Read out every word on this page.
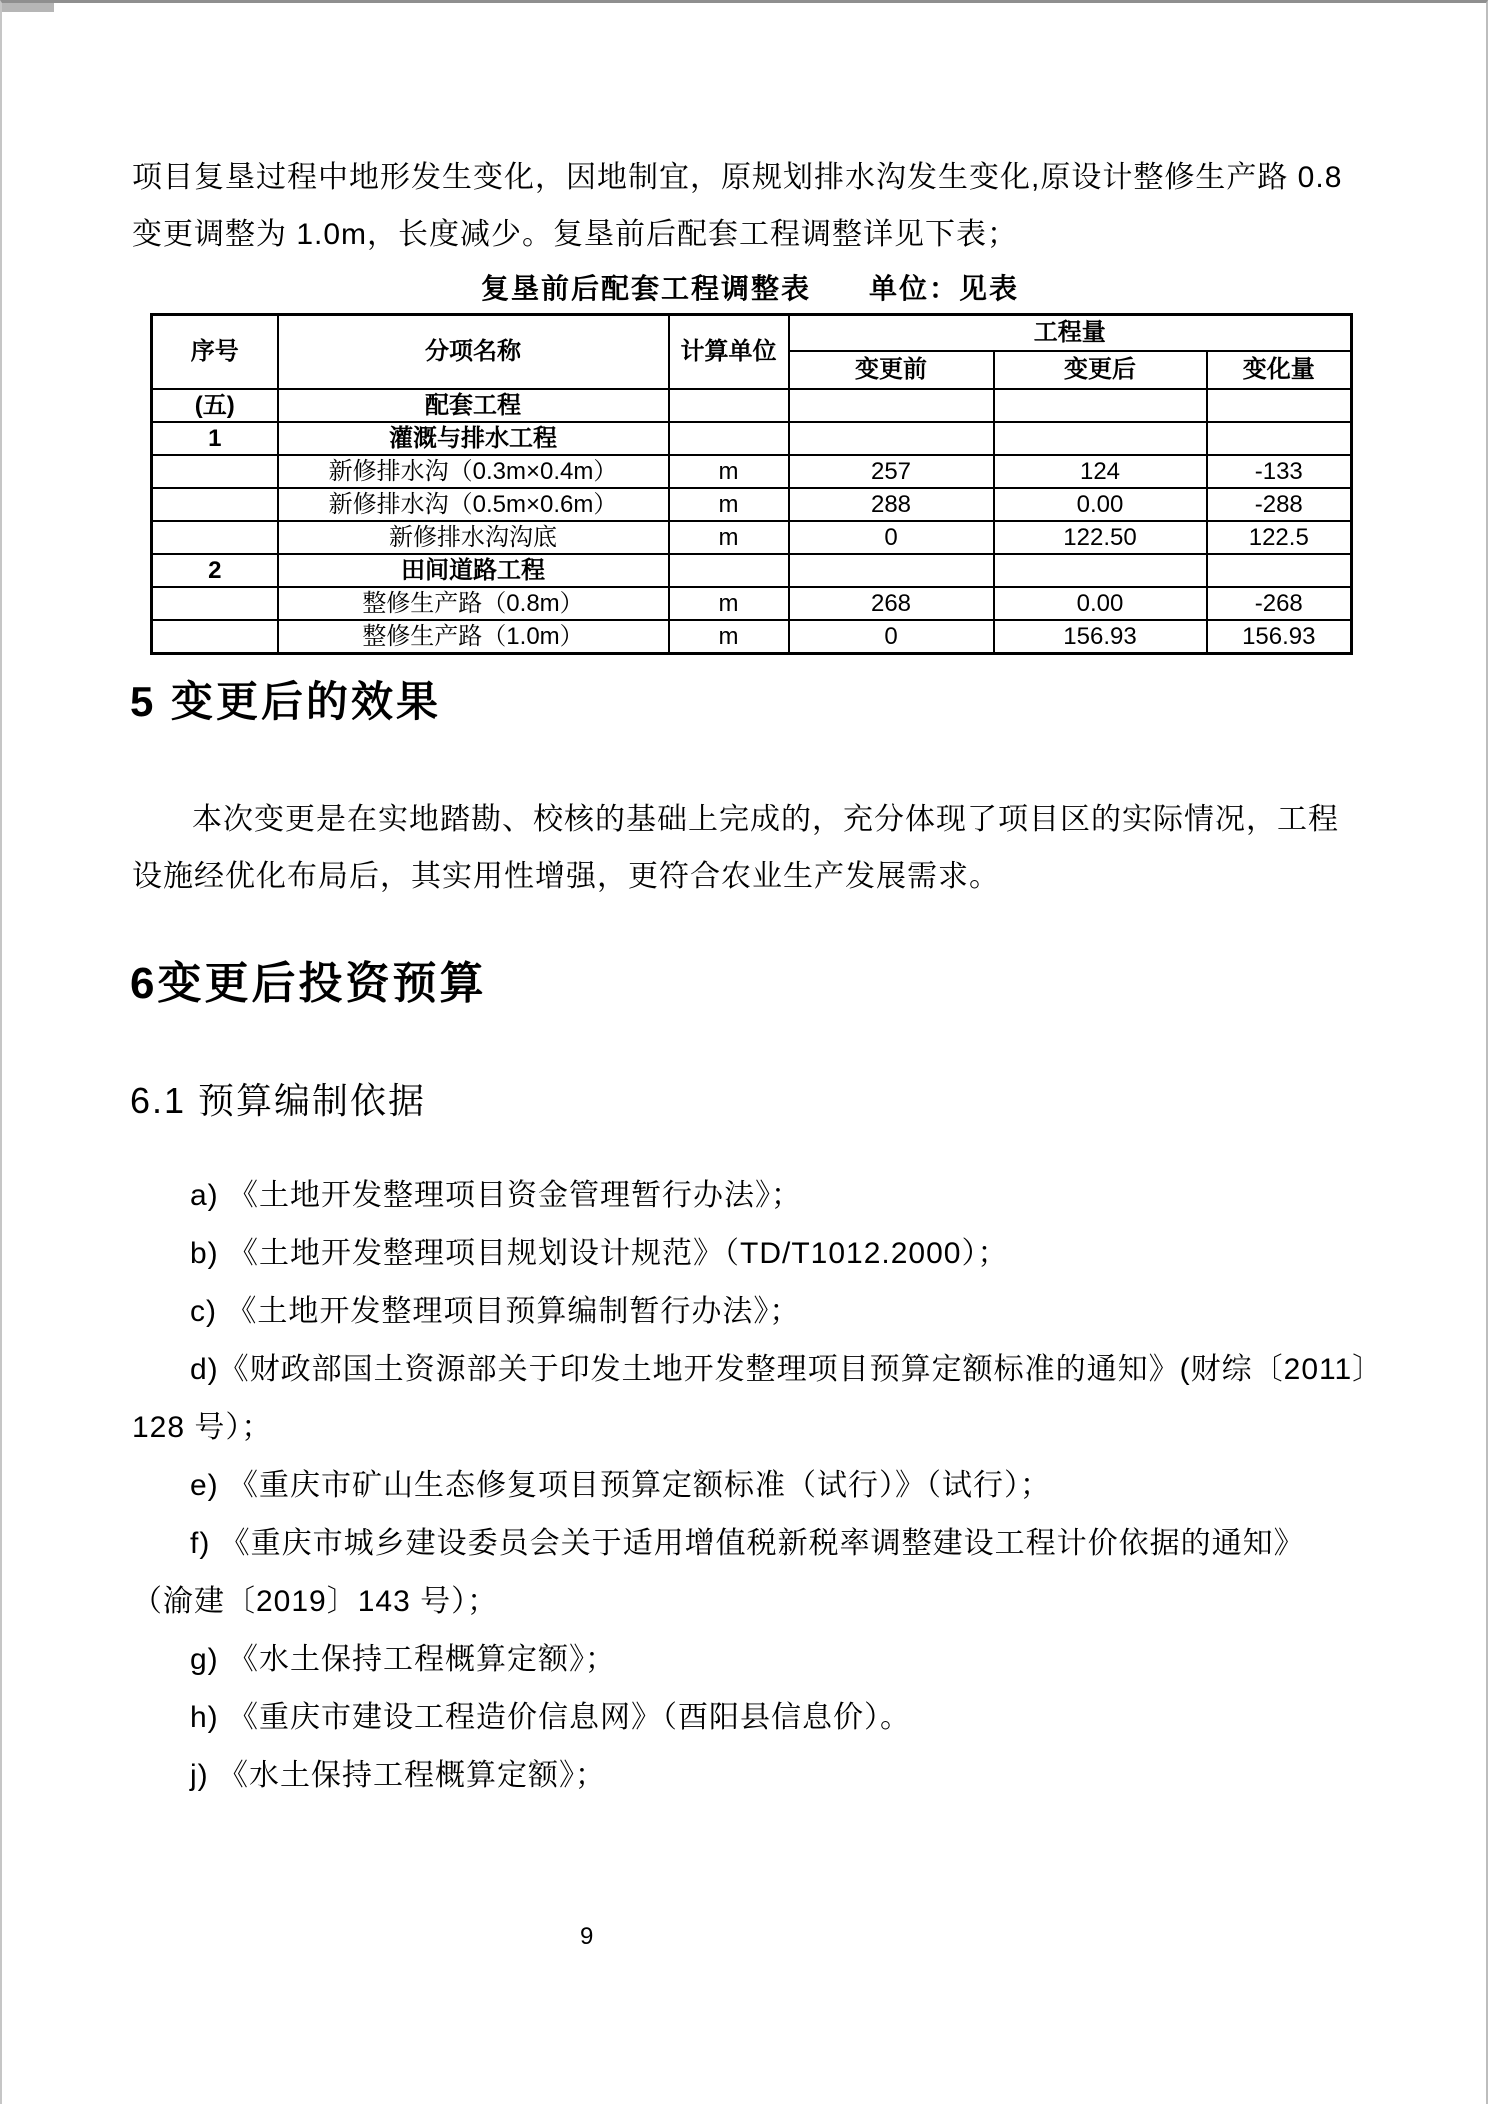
项目复垦过程中地形发生变化，因地制宜，原规划排水沟发生变化,原设计整修生产路 0.8
变更调整为 1.0m，长度减少。复垦前后配套工程调整详见下表；
复垦前后配套工程调整表 单位：见表
序号	分项名称	计算单位	工程量		
			变更前	变更后	变化量
(五)	配套工程				
1	灌溉与排水工程				
	新修排水沟（0.3m×0.4m）	m	257	124	-133
	新修排水沟（0.5m×0.6m）	m	288	0.00	-288
	新修排水沟沟底	m	0	122.50	122.5
2	田间道路工程				
	整修生产路（0.8m）	m	268	0.00	-268
	整修生产路（1.0m）	m	0	156.93	156.93
5 变更后的效果
本次变更是在实地踏勘、校核的基础上完成的，充分体现了项目区的实际情况，工程
设施经优化布局后，其实用性增强，更符合农业生产发展需求。
6变更后投资预算
6.1 预算编制依据
a) 《土地开发整理项目资金管理暂行办法》；
b) 《土地开发整理项目规划设计规范》（TD/T1012.2000）；
c) 《土地开发整理项目预算编制暂行办法》；
d)《财政部国土资源部关于印发土地开发整理项目预算定额标准的通知》(财综〔2011〕
128 号）；
e) 《重庆市矿山生态修复项目预算定额标准（试行）》（试行）；
f) 《重庆市城乡建设委员会关于适用增值税新税率调整建设工程计价依据的通知》
（渝建〔2019〕143 号）；
g) 《水土保持工程概算定额》；
h) 《重庆市建设工程造价信息网》（酉阳县信息价）。
j) 《水土保持工程概算定额》；
9
